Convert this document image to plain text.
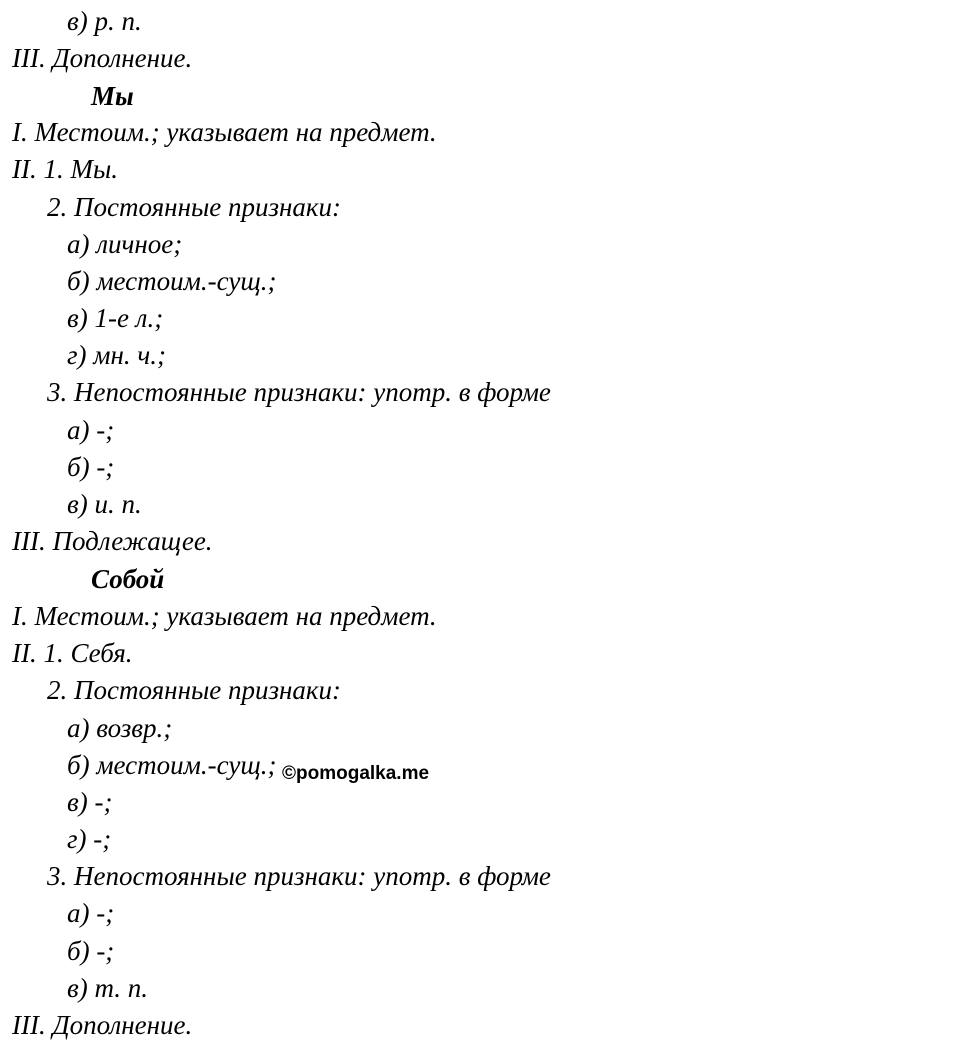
в) р. п.
III. Дополнение.
Мы
I. Местоим.; указывает на предмет.
II. 1. Мы.
2. Постоянные признаки:
а) личное;
б) местоим.-сущ.;
в) 1-е л.;
г) мн. ч.;
3. Непостоянные признаки: употр. в форме
а) -;
б) -;
в) и. п.
III. Подлежащее.
Собой
I. Местоим.; указывает на предмет.
II. 1. Себя.
2. Постоянные признаки:
а) возвр.;
б) местоим.-сущ.;
в) -;
г) -;
3. Непостоянные признаки: употр. в форме
а) -;
б) -;
в) т. п.
III. Дополнение.
©pomogalka.me
